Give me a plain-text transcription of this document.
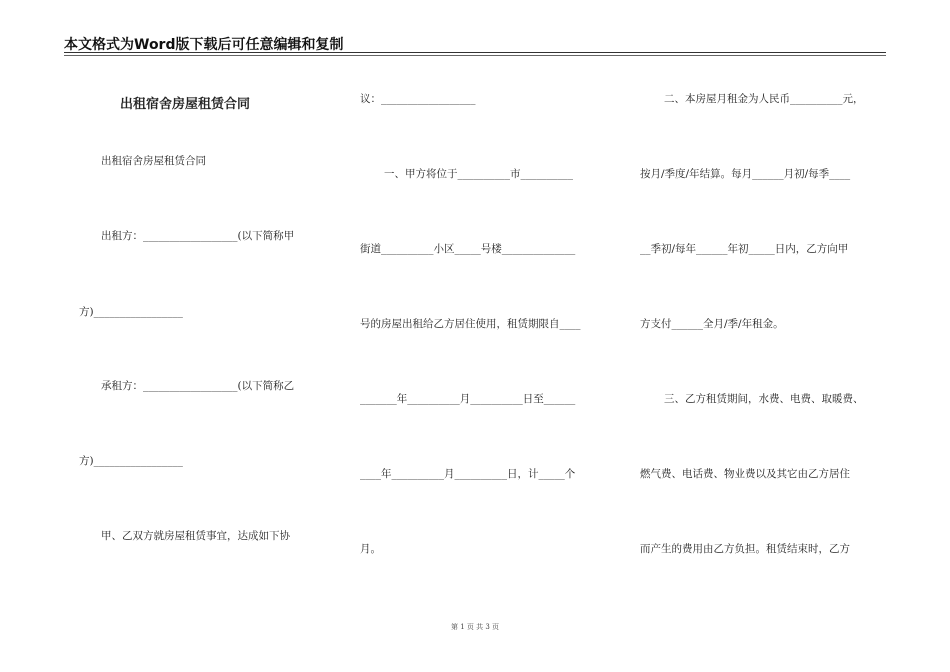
本文格式为Word版下载后可任意编辑和复制
出租宿舍房屋租赁合同
出租宿舍房屋租赁合同
出租方：__________________(以下简称甲
方)_________________
承租方：__________________(以下简称乙
方)_________________
甲、乙双方就房屋租赁事宜，达成如下协
议：__________________
一、甲方将位于__________市__________
街道__________小区_____号楼______________
号的房屋出租给乙方居住使用，租赁期限自____
_______年__________月__________日至______
____年__________月__________日，计_____个
月。
二、本房屋月租金为人民币__________元，
按月/季度/年结算。每月______月初/每季____
__季初/每年______年初_____日内，乙方向甲
方支付______全月/季/年租金。
三、乙方租赁期间，水费、电费、取暖费、
燃气费、电话费、物业费以及其它由乙方居住
而产生的费用由乙方负担。租赁结束时，乙方
第 1 页 共 3 页
